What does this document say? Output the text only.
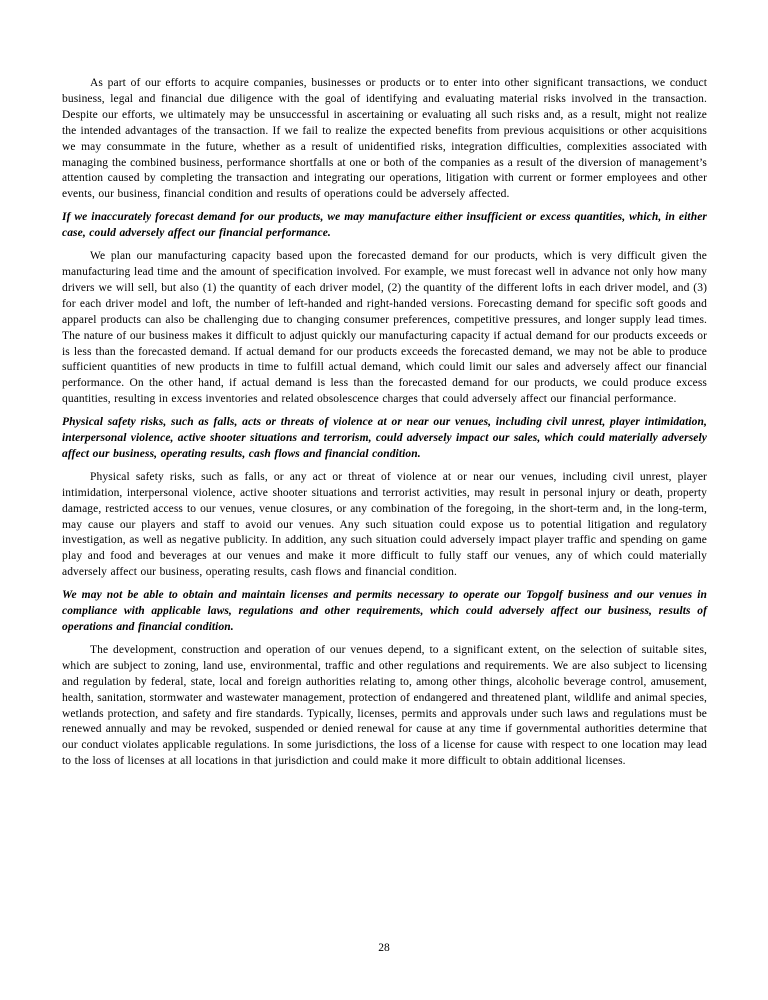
As part of our efforts to acquire companies, businesses or products or to enter into other significant transactions, we conduct business, legal and financial due diligence with the goal of identifying and evaluating material risks involved in the transaction. Despite our efforts, we ultimately may be unsuccessful in ascertaining or evaluating all such risks and, as a result, might not realize the intended advantages of the transaction. If we fail to realize the expected benefits from previous acquisitions or other acquisitions we may consummate in the future, whether as a result of unidentified risks, integration difficulties, complexities associated with managing the combined business, performance shortfalls at one or both of the companies as a result of the diversion of management’s attention caused by completing the transaction and integrating our operations, litigation with current or former employees and other events, our business, financial condition and results of operations could be adversely affected.

If we inaccurately forecast demand for our products, we may manufacture either insufficient or excess quantities, which, in either case, could adversely affect our financial performance.

We plan our manufacturing capacity based upon the forecasted demand for our products, which is very difficult given the manufacturing lead time and the amount of specification involved. For example, we must forecast well in advance not only how many drivers we will sell, but also (1) the quantity of each driver model, (2) the quantity of the different lofts in each driver model, and (3) for each driver model and loft, the number of left-handed and right-handed versions. Forecasting demand for specific soft goods and apparel products can also be challenging due to changing consumer preferences, competitive pressures, and longer supply lead times. The nature of our business makes it difficult to adjust quickly our manufacturing capacity if actual demand for our products exceeds or is less than the forecasted demand. If actual demand for our products exceeds the forecasted demand, we may not be able to produce sufficient quantities of new products in time to fulfill actual demand, which could limit our sales and adversely affect our financial performance. On the other hand, if actual demand is less than the forecasted demand for our products, we could produce excess quantities, resulting in excess inventories and related obsolescence charges that could adversely affect our financial performance.

Physical safety risks, such as falls, acts or threats of violence at or near our venues, including civil unrest, player intimidation, interpersonal violence, active shooter situations and terrorism, could adversely impact our sales, which could materially adversely affect our business, operating results, cash flows and financial condition.

Physical safety risks, such as falls, or any act or threat of violence at or near our venues, including civil unrest, player intimidation, interpersonal violence, active shooter situations and terrorist activities, may result in personal injury or death, property damage, restricted access to our venues, venue closures, or any combination of the foregoing, in the short-term and, in the long-term, may cause our players and staff to avoid our venues. Any such situation could expose us to potential litigation and regulatory investigation, as well as negative publicity. In addition, any such situation could adversely impact player traffic and spending on game play and food and beverages at our venues and make it more difficult to fully staff our venues, any of which could materially adversely affect our business, operating results, cash flows and financial condition.

We may not be able to obtain and maintain licenses and permits necessary to operate our Topgolf business and our venues in compliance with applicable laws, regulations and other requirements, which could adversely affect our business, results of operations and financial condition.

The development, construction and operation of our venues depend, to a significant extent, on the selection of suitable sites, which are subject to zoning, land use, environmental, traffic and other regulations and requirements. We are also subject to licensing and regulation by federal, state, local and foreign authorities relating to, among other things, alcoholic beverage control, amusement, health, sanitation, stormwater and wastewater management, protection of endangered and threatened plant, wildlife and animal species, wetlands protection, and safety and fire standards. Typically, licenses, permits and approvals under such laws and regulations must be renewed annually and may be revoked, suspended or denied renewal for cause at any time if governmental authorities determine that our conduct violates applicable regulations. In some jurisdictions, the loss of a license for cause with respect to one location may lead to the loss of licenses at all locations in that jurisdiction and could make it more difficult to obtain additional licenses.

28
